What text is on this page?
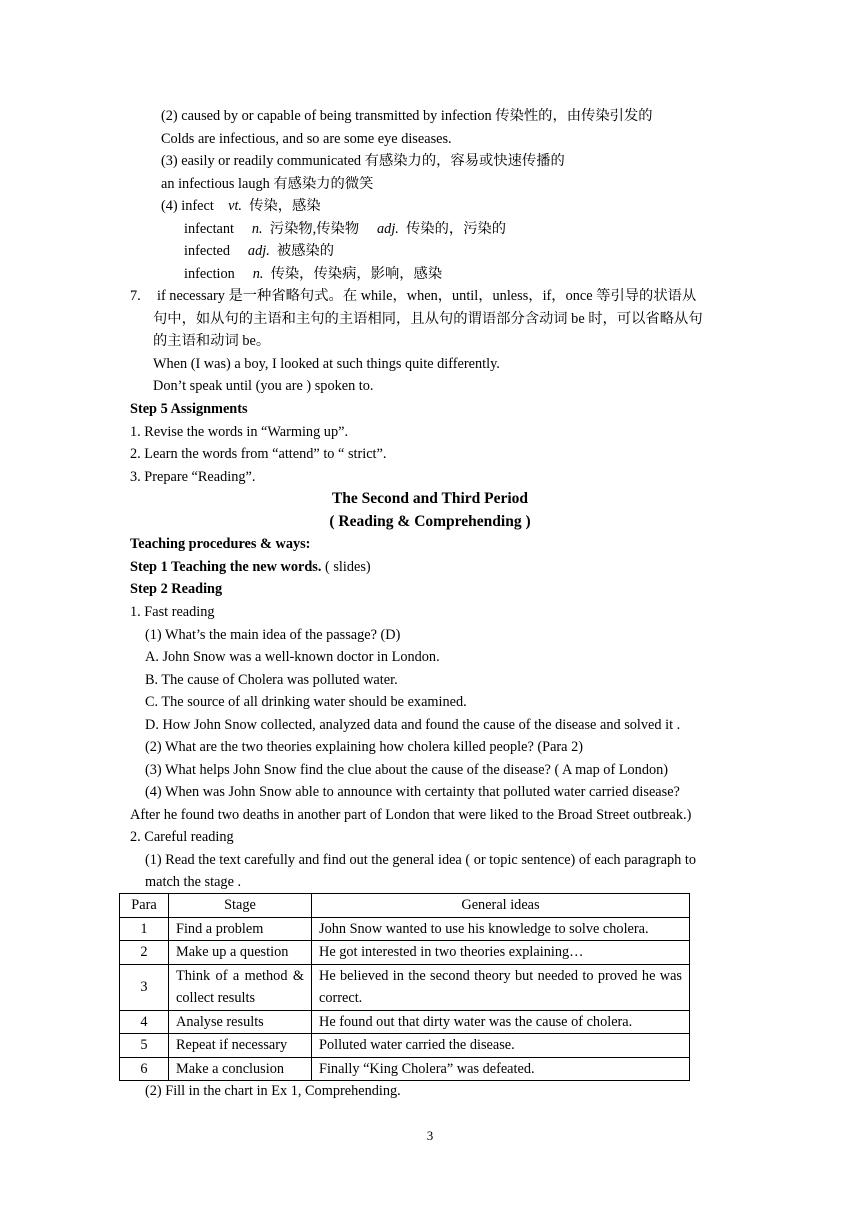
(2) caused by or capable of being transmitted by infection 传染性的，由传染引发的
Colds are infectious, and so are some eye diseases.
(3) easily or readily communicated 有感染力的，容易或快速传播的
an infectious laugh 有感染力的微笑
(4) infect vt. 传染，感染
infectant n. 污染物,传染物 adj. 传染的，污染的
infected adj. 被感染的
infection n. 传染，传染病，影响，感染
7. if necessary 是一种省略句式。在 while，when，until，unless，if，once 等引导的状语从
句中，如从句的主语和主句的主语相同，且从句的谓语部分含动词 be 时，可以省略从句
的主语和动词 be。
When (I was) a boy, I looked at such things quite differently.
Don’t speak until (you are ) spoken to.
Step 5 Assignments
1. Revise the words in “Warming up”.
2. Learn the words from “attend” to “ strict”.
3. Prepare “Reading”.
The Second and Third Period
( Reading & Comprehending )
Teaching procedures & ways:
Step 1 Teaching the new words. ( slides)
Step 2 Reading
1. Fast reading
(1) What’s the main idea of the passage? (D)
A. John Snow was a well-known doctor in London.
B. The cause of Cholera was polluted water.
C. The source of all drinking water should be examined.
D. How John Snow collected, analyzed data and found the cause of the disease and solved it .
(2) What are the two theories explaining how cholera killed people? (Para 2)
(3) What helps John Snow find the clue about the cause of the disease? ( A map of London)
(4) When was John Snow able to announce with certainty that polluted water carried disease?
After he found two deaths in another part of London that were liked to the Broad Street outbreak.)
2. Careful reading
(1) Read the text carefully and find out the general idea ( or topic sentence) of each paragraph to
match the stage .
Para	Stage	General ideas
1	Find a problem	John Snow wanted to use his knowledge to solve cholera.
2	Make up a question	He got interested in two theories explaining…
3	Think of a method & collect results	He believed in the second theory but needed to proved he was correct.
4	Analyse results	He found out that dirty water was the cause of cholera.
5	Repeat if necessary	Polluted water carried the disease.
6	Make a conclusion	Finally “King Cholera” was defeated.
(2) Fill in the chart in Ex 1, Comprehending.
3
